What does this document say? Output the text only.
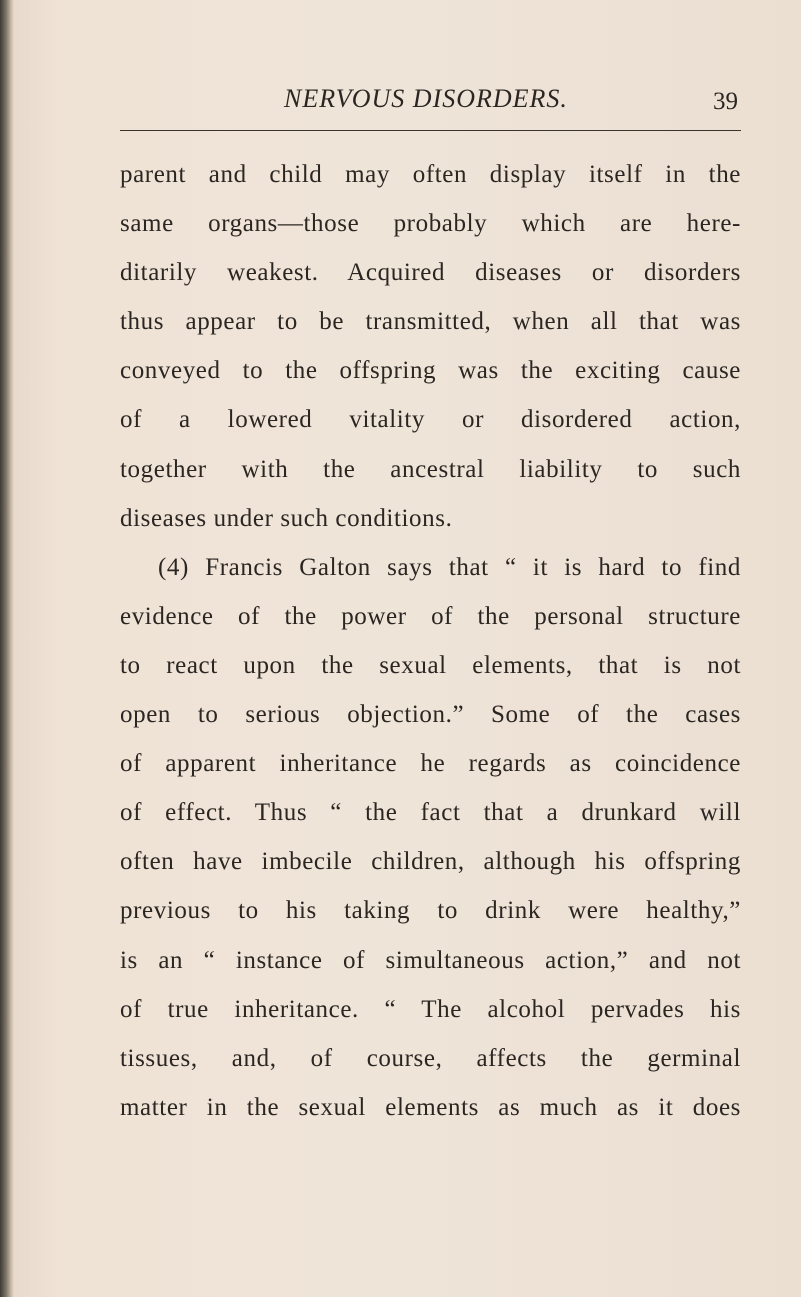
NERVOUS DISORDERS.	39
parent and child may often display itself in the
same organs—those probably which are here-
ditarily weakest. Acquired diseases or disorders
thus appear to be transmitted, when all that was
conveyed to the offspring was the exciting cause
of a lowered vitality or disordered action,
together with the ancestral liability to such
diseases under such conditions.
(4) Francis Galton says that “ it is hard to find
evidence of the power of the personal structure
to react upon the sexual elements, that is not
open to serious objection.” Some of the cases
of apparent inheritance he regards as coincidence
of effect. Thus “ the fact that a drunkard will
often have imbecile children, although his offspring
previous to his taking to drink were healthy,”
is an “ instance of simultaneous action,” and not
of true inheritance. “ The alcohol pervades his
tissues, and, of course, affects the germinal
matter in the sexual elements as much as it does
